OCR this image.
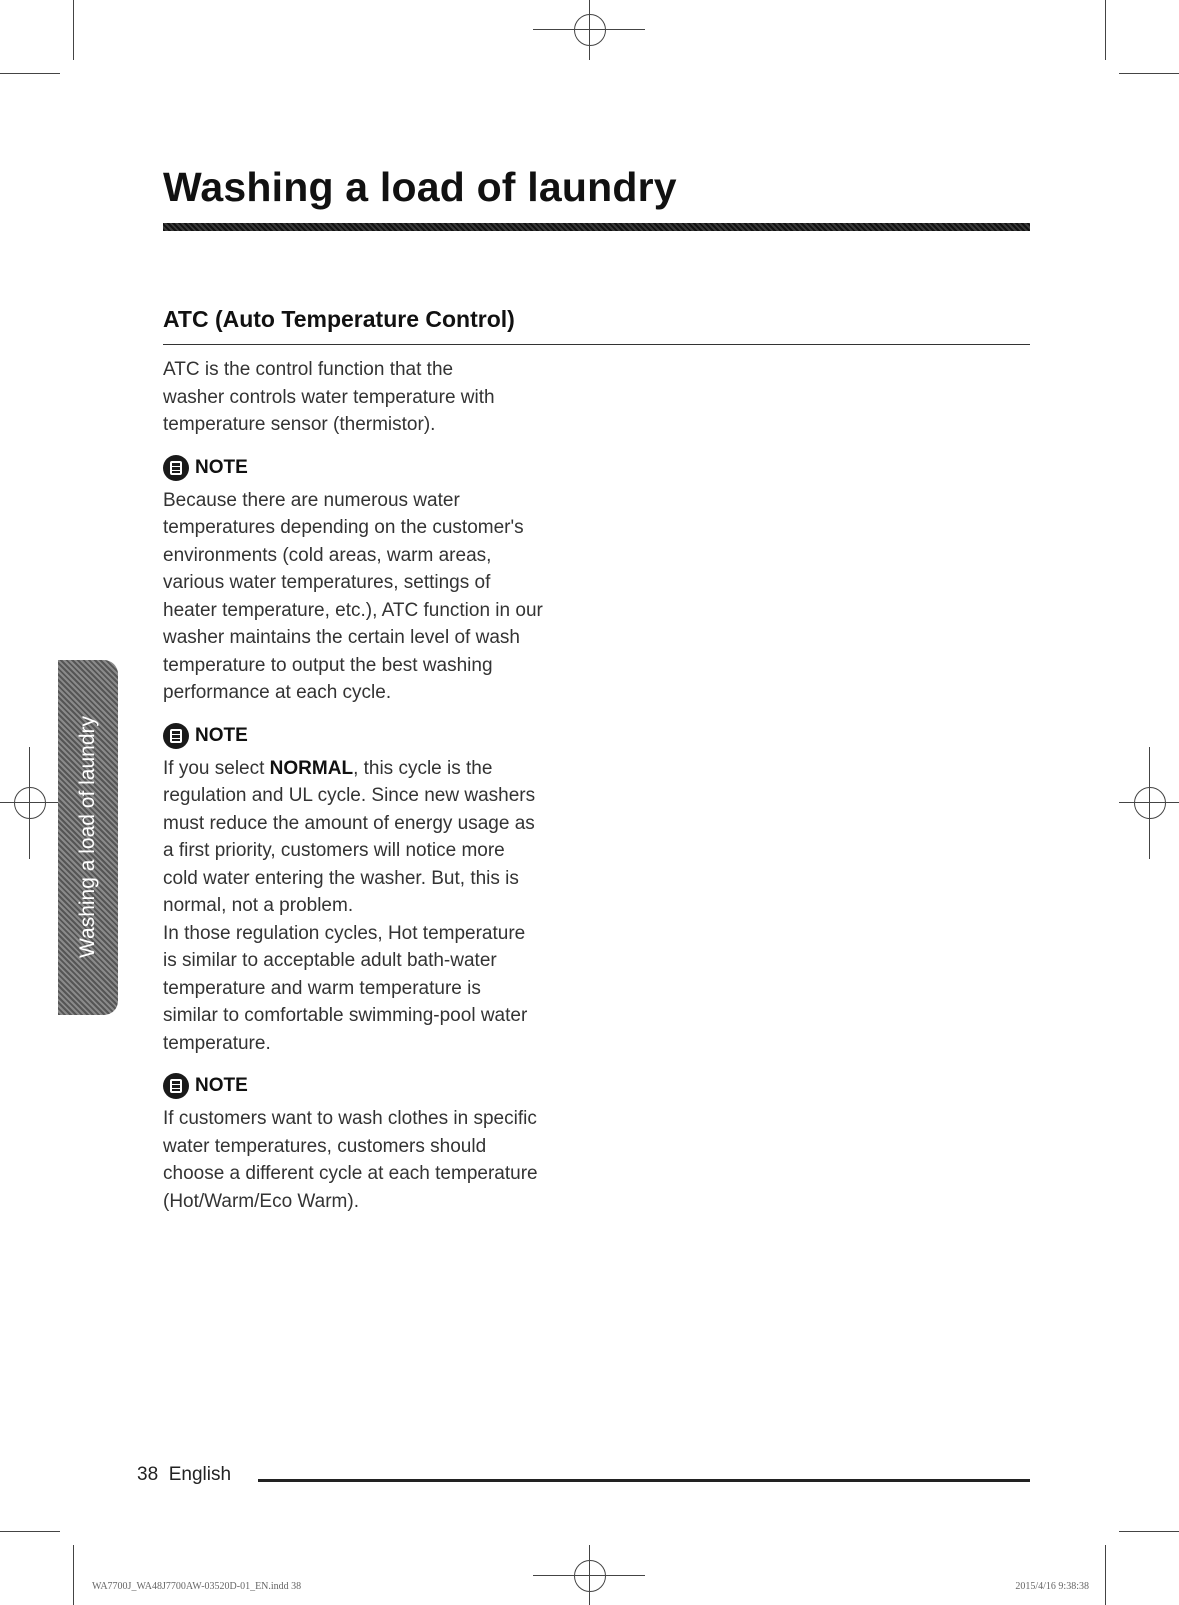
Washing a load of laundry
ATC (Auto Temperature Control)
Washing a load of laundry

ATC is the control function that the

washer controls water temperature with

temperature sensor (thermistor).

NOTE

Because there are numerous water

temperatures depending on the customer's

environments (cold areas, warm areas,

various water temperatures, settings of

heater temperature, etc.), ATC function in our

washer maintains the certain level of wash

temperature to output the best washing

performance at each cycle.

NOTE

If you select NORMAL, this cycle is the

regulation and UL cycle. Since new washers

must reduce the amount of energy usage as

a first priority, customers will notice more

cold water entering the washer. But, this is

normal, not a problem.

In those regulation cycles, Hot temperature

is similar to acceptable adult bath-water

temperature and warm temperature is

similar to comfortable swimming-pool water

temperature.

NOTE

If customers want to wash clothes in specific

water temperatures, customers should

choose a different cycle at each temperature

(Hot/Warm/Eco Warm).

38 English
WA7700J_WA48J7700AW-03520D-01_EN.indd 38	2015/4/16 9:38:38
